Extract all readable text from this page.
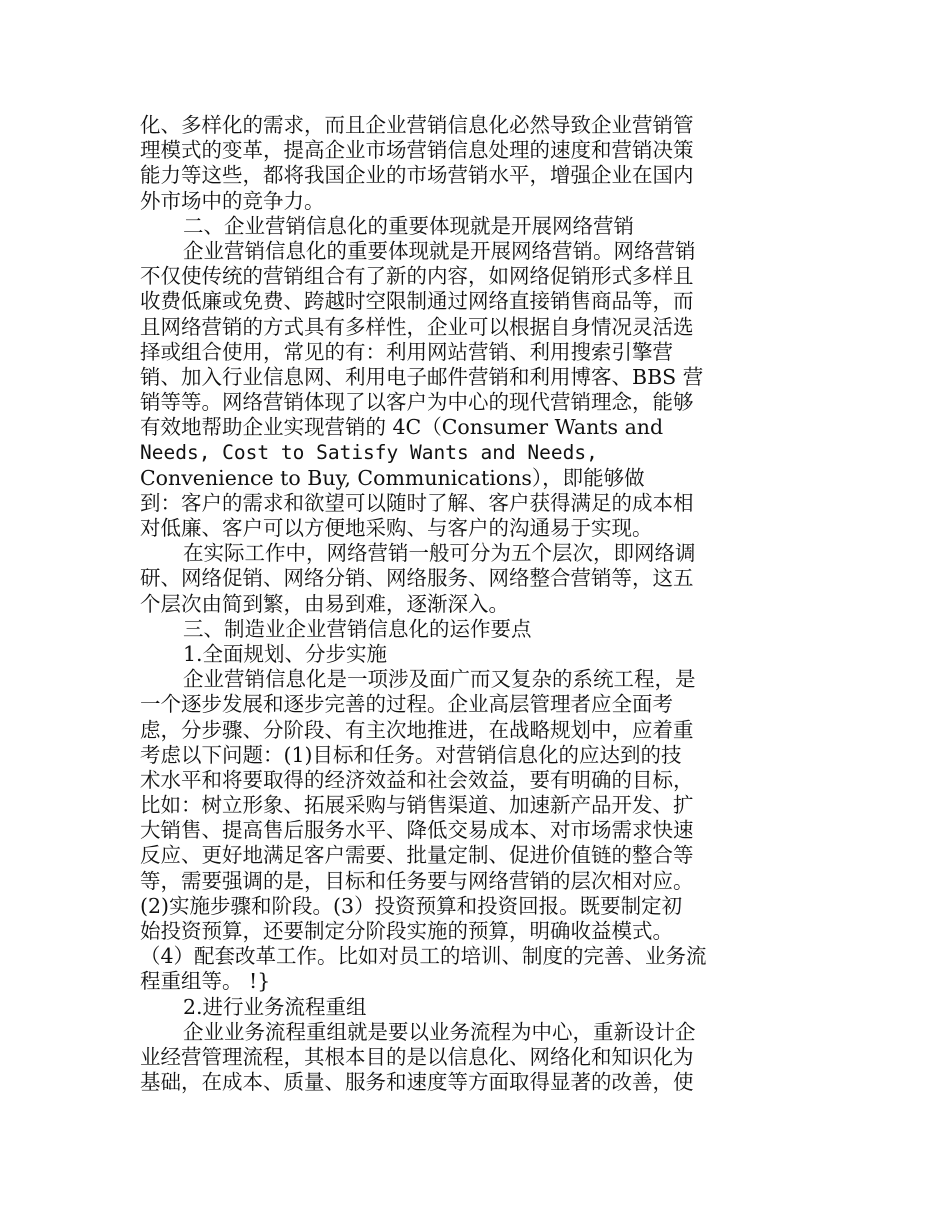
化、多样化的需求，而且企业营销信息化必然导致企业营销管
理模式的变革，提高企业市场营销信息处理的速度和营销决策
能力等这些，都将我国企业的市场营销水平，增强企业在国内
外市场中的竞争力。
二、企业营销信息化的重要体现就是开展网络营销
企业营销信息化的重要体现就是开展网络营销。网络营销
不仅使传统的营销组合有了新的内容，如网络促销形式多样且
收费低廉或免费、跨越时空限制通过网络直接销售商品等，而
且网络营销的方式具有多样性，企业可以根据自身情况灵活选
择或组合使用，常见的有：利用网站营销、利用搜索引擎营
销、加入行业信息网、利用电子邮件营销和利用博客、BBS 营
销等等。网络营销体现了以客户为中心的现代营销理念，能够
有效地帮助企业实现营销的 4C（Consumer Wants and
Needs, Cost to Satisfy Wants and Needs,
Convenience to Buy, Communications），即能够做
到：客户的需求和欲望可以随时了解、客户获得满足的成本相
对低廉、客户可以方便地采购、与客户的沟通易于实现。
在实际工作中，网络营销一般可分为五个层次，即网络调
研、网络促销、网络分销、网络服务、网络整合营销等，这五
个层次由简到繁，由易到难，逐渐深入。
三、制造业企业营销信息化的运作要点
1.全面规划、分步实施
企业营销信息化是一项涉及面广而又复杂的系统工程，是
一个逐步发展和逐步完善的过程。企业高层管理者应全面考
虑，分步骤、分阶段、有主次地推进，在战略规划中，应着重
考虑以下问题：(1)目标和任务。对营销信息化的应达到的技
术水平和将要取得的经济效益和社会效益，要有明确的目标，
比如：树立形象、拓展采购与销售渠道、加速新产品开发、扩
大销售、提高售后服务水平、降低交易成本、对市场需求快速
反应、更好地满足客户需要、批量定制、促进价值链的整合等
等，需要强调的是，目标和任务要与网络营销的层次相对应。
(2)实施步骤和阶段。(3）投资预算和投资回报。既要制定初
始投资预算，还要制定分阶段实施的预算，明确收益模式。
（4）配套改革工作。比如对员工的培训、制度的完善、业务流
程重组等。 !}
2.进行业务流程重组
企业业务流程重组就是要以业务流程为中心，重新设计企
业经营管理流程，其根本目的是以信息化、网络化和知识化为
基础，在成本、质量、服务和速度等方面取得显著的改善，使
